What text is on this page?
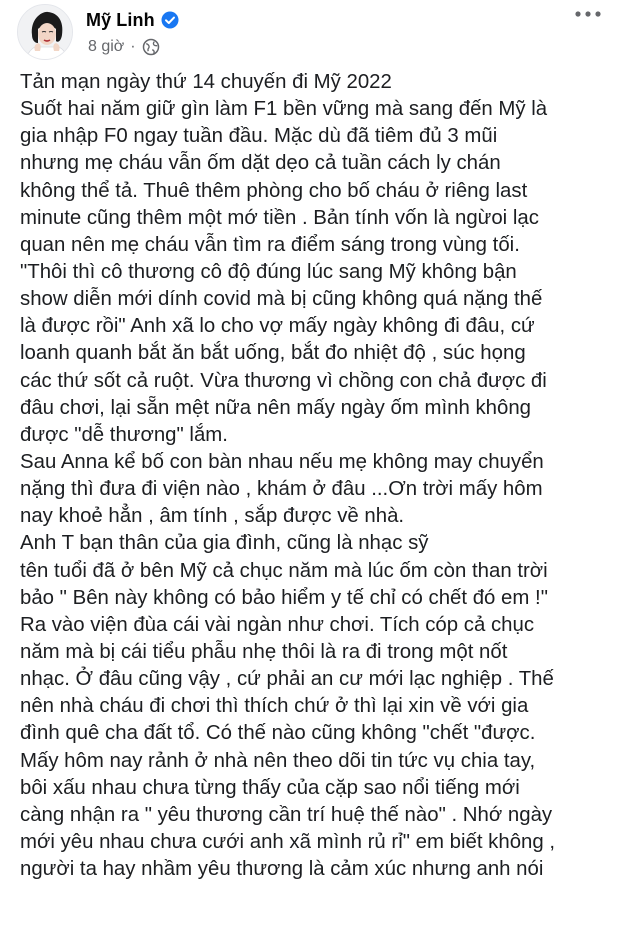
Mỹ Linh
8 giờ ·
Tản mạn ngày thứ 14 chuyến đi Mỹ 2022
Suốt hai năm giữ gìn làm F1 bền vững mà sang đến Mỹ là
gia nhập F0 ngay tuần đầu. Mặc dù đã tiêm đủ 3 mũi
nhưng mẹ cháu vẫn ốm dặt dẹo cả tuần cách ly chán
không thể tả. Thuê thêm phòng cho bố cháu ở riêng last
minute cũng thêm một mớ tiền . Bản tính vốn là ngừoi lạc
quan nên mẹ cháu vẫn tìm ra điểm sáng trong vùng tối.
"Thôi thì cô thương cô độ đúng lúc sang Mỹ không bận
show diễn mới dính covid mà bị cũng không quá nặng thế
là được rồi" Anh xã lo cho vợ mấy ngày không đi đâu, cứ
loanh quanh bắt ăn bắt uống, bắt đo nhiệt độ , súc họng
các thứ sốt cả ruột. Vừa thương vì chồng con chả được đi
đâu chơi, lại sẵn mệt nữa nên mấy ngày ốm mình không
được "dễ thương" lắm.
Sau Anna kể bố con bàn nhau nếu mẹ không may chuyển
nặng thì đưa đi viện nào , khám ở đâu ...Ơn trời mấy hôm
nay khoẻ hẳn , âm tính , sắp được về nhà.
Anh T bạn thân của gia đình, cũng là nhạc sỹ
tên tuổi đã ở bên Mỹ cả chục năm mà lúc ốm còn than trời
bảo " Bên này không có bảo hiểm y tế chỉ có chết đó em !"
Ra vào viện đùa cái vài ngàn như chơi. Tích cóp cả chục
năm mà bị cái tiểu phẫu nhẹ thôi là ra đi trong một nốt
nhạc. Ở đâu cũng vậy , cứ phải an cư mới lạc nghiệp . Thế
nên nhà cháu đi chơi thì thích chứ ở thì lại xin về với gia
đình quê cha đất tổ. Có thế nào cũng không "chết "được.
Mấy hôm nay rảnh ở nhà nên theo dõi tin tức vụ chia tay,
bôi xấu nhau chưa từng thấy của cặp sao nổi tiếng mới
càng nhận ra " yêu thương cần trí huệ thế nào" . Nhớ ngày
mới yêu nhau chưa cưới anh xã mình rủ rỉ" em biết không ,
người ta hay nhầm yêu thương là cảm xúc nhưng anh nói
